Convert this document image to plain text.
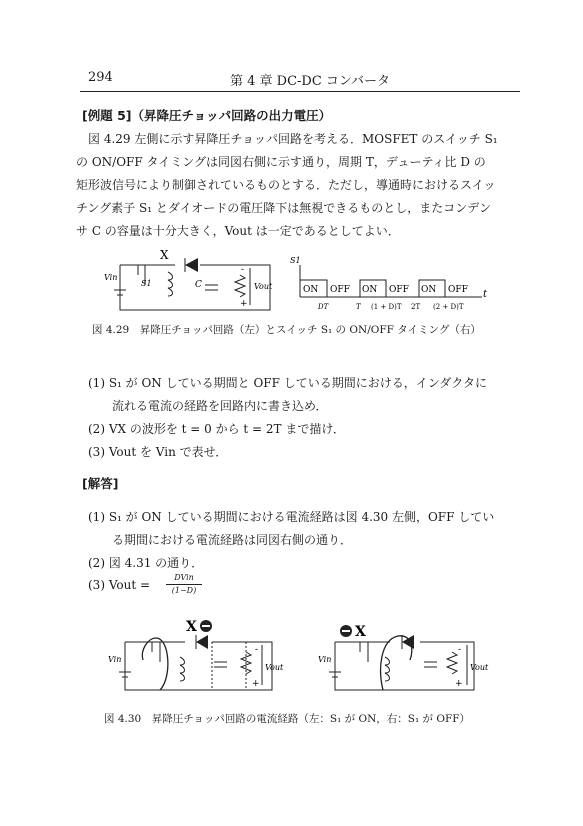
294	第 4 章 DC-DC コンバータ
[例題 5]（昇降圧チョッパ回路の出力電圧）
図 4.29 左側に示す昇降圧チョッパ回路を考える．MOSFET のスイッチ S₁
の ON/OFF タイミングは同図右側に示す通り，周期 T，デューティ比 D の
矩形波信号により制御されているものとする．ただし，導通時におけるスイッ
チング素子 S₁ とダイオードの電圧降下は無視できるものとし，またコンデン
サ C の容量は十分大きく，Vout は一定であるとしてよい．
X
Vin
S1	C	Vout
-
+
S1
t
ON OFF ON OFF ON OFF
DT	T (1 + D)T 2T (2 + D)T
図 4.29　昇降圧チョッパ回路（左）とスイッチ S₁ の ON/OFF タイミング（右）
(1) S₁ が ON している期間と OFF している期間における，インダクタに
流れる電流の経路を回路内に書き込め．
(2) VX の波形を t = 0 から t = 2T まで描け．
(3) Vout を Vin で表せ．
[解答]
(1) S₁ が ON している期間における電流経路は図 4.30 左側，OFF してい
る期間における電流経路は同図右側の通り．
(2) 図 4.31 の通り．
(3) Vout =
DVin
(1−D)
X	X
Vin	Vin
Vout	Vout
-
+
-
+
図 4.30　昇降圧チョッパ回路の電流経路（左：S₁ が ON，右：S₁ が OFF）
